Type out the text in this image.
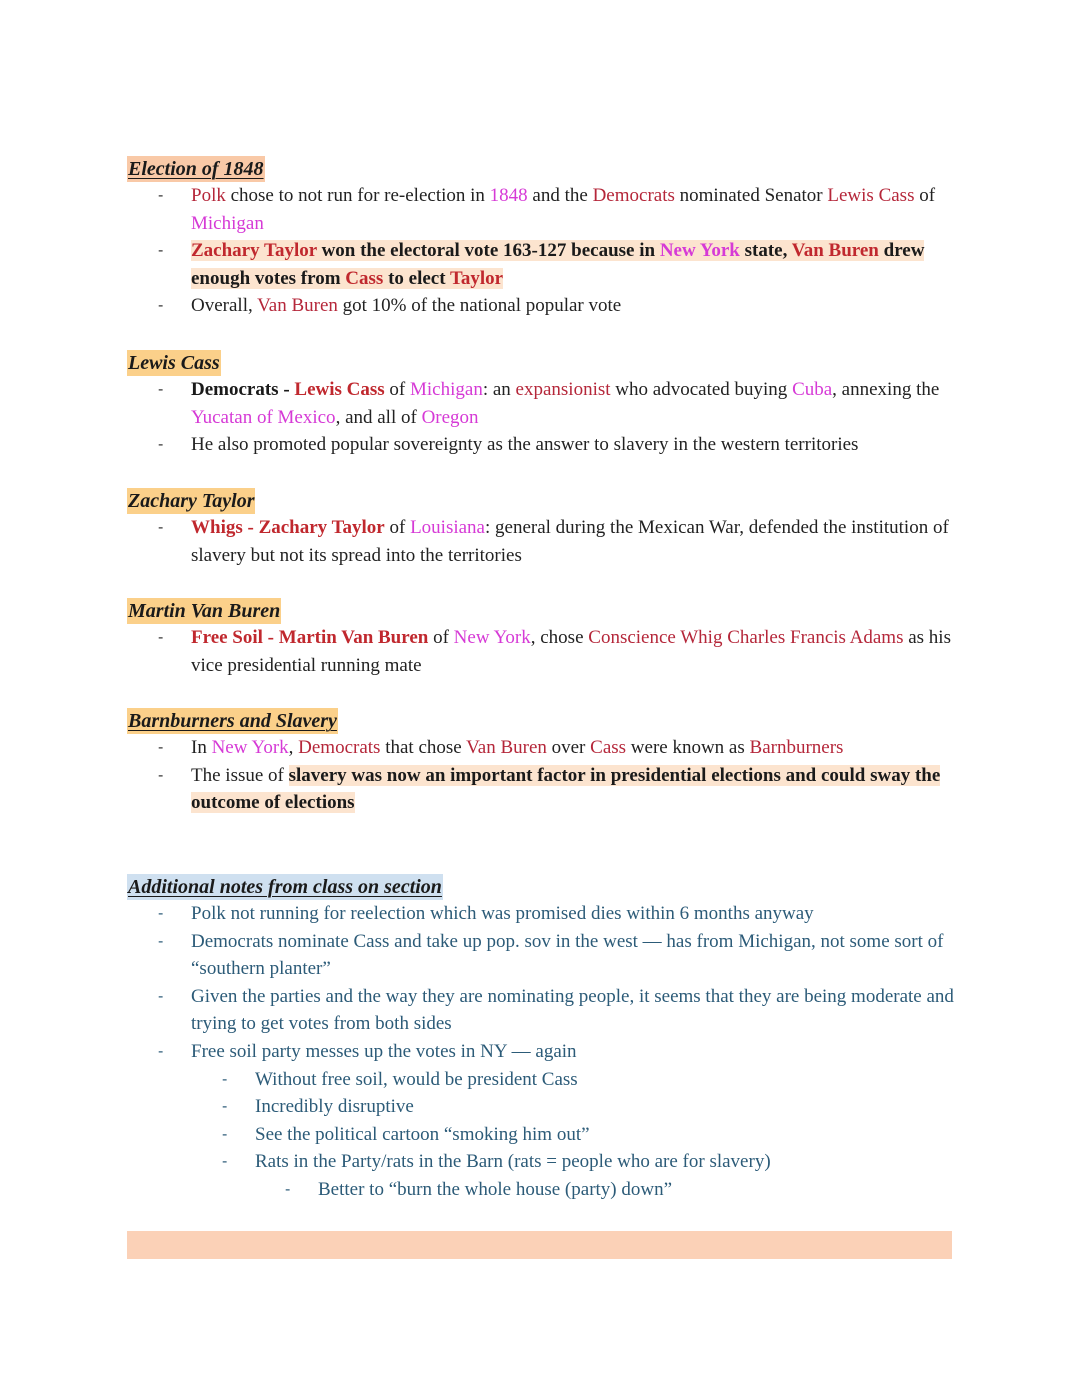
Election of 1848
- Polk chose to not run for re-election in 1848 and the Democrats nominated Senator Lewis Cass of Michigan
- Zachary Taylor won the electoral vote 163-127 because in New York state, Van Buren drew enough votes from Cass to elect Taylor
- Overall, Van Buren got 10% of the national popular vote
Lewis Cass
- Democrats - Lewis Cass of Michigan: an expansionist who advocated buying Cuba, annexing the Yucatan of Mexico, and all of Oregon
- He also promoted popular sovereignty as the answer to slavery in the western territories
Zachary Taylor
- Whigs - Zachary Taylor of Louisiana: general during the Mexican War, defended the institution of slavery but not its spread into the territories
Martin Van Buren
- Free Soil - Martin Van Buren of New York, chose Conscience Whig Charles Francis Adams as his vice presidential running mate
Barnburners and Slavery
- In New York, Democrats that chose Van Buren over Cass were known as Barnburners
- The issue of slavery was now an important factor in presidential elections and could sway the outcome of elections
Additional notes from class on section
- Polk not running for reelection which was promised dies within 6 months anyway
- Democrats nominate Cass and take up pop. sov in the west — has from Michigan, not some sort of “southern planter”
- Given the parties and the way they are nominating people, it seems that they are being moderate and trying to get votes from both sides
- Free soil party messes up the votes in NY — again
- Without free soil, would be president Cass
- Incredibly disruptive
- See the political cartoon “smoking him out”
- Rats in the Party/rats in the Barn (rats = people who are for slavery)
- Better to “burn the whole house (party) down”
